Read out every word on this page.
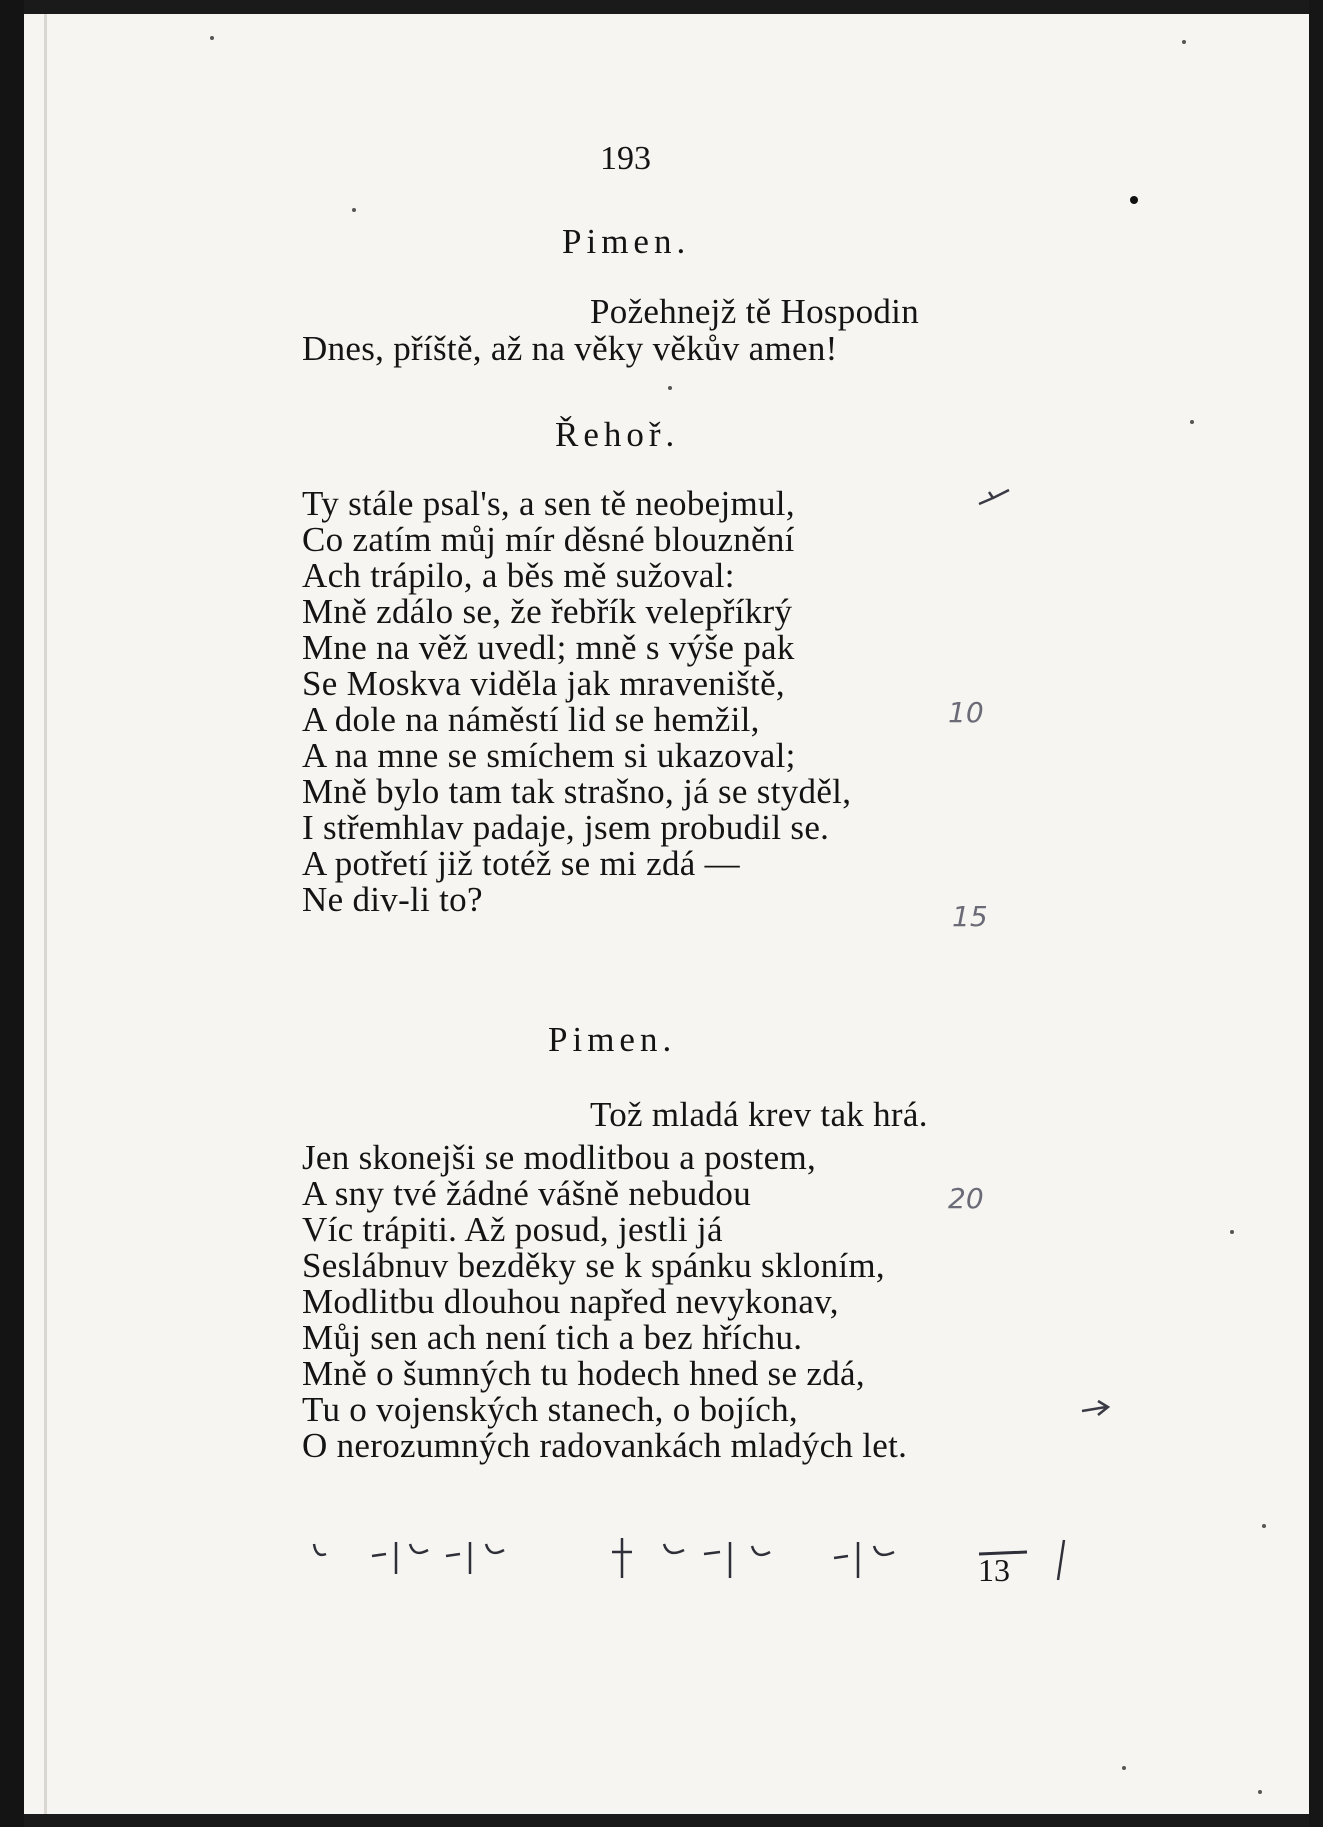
193
Pimen.
Požehnejž tě Hospodin
Dnes, příště, až na věky věkův amen!
Řehoř.
Ty stále psal's, a sen tě neobejmul,
Co zatím můj mír děsné blouznění
Ach trápilo, a běs mě sužoval:
Mně zdálo se, že řebřík velepříkrý
Mne na věž uvedl; mně s výše pak
Se Moskva viděla jak mraveniště,
A dole na náměstí lid se hemžil,
A na mne se smíchem si ukazoval;
Mně bylo tam tak strašno, já se styděl,
I střemhlav padaje, jsem probudil se.
A potřetí již totéž se mi zdá —
Ne div-li to?
Pimen.
Tož mladá krev tak hrá.
Jen skonejši se modlitbou a postem,
A sny tvé žádné vášně nebudou
Víc trápiti. Až posud, jestli já
Seslábnuv bezděky se k spánku skloním,
Modlitbu dlouhou napřed nevykonav,
Můj sen ach není tich a bez hříchu.
Mně o šumných tu hodech hned se zdá,
Tu o vojenských stanech, o bojích,
O nerozumných radovankách mladých let.
10
15
20
13
